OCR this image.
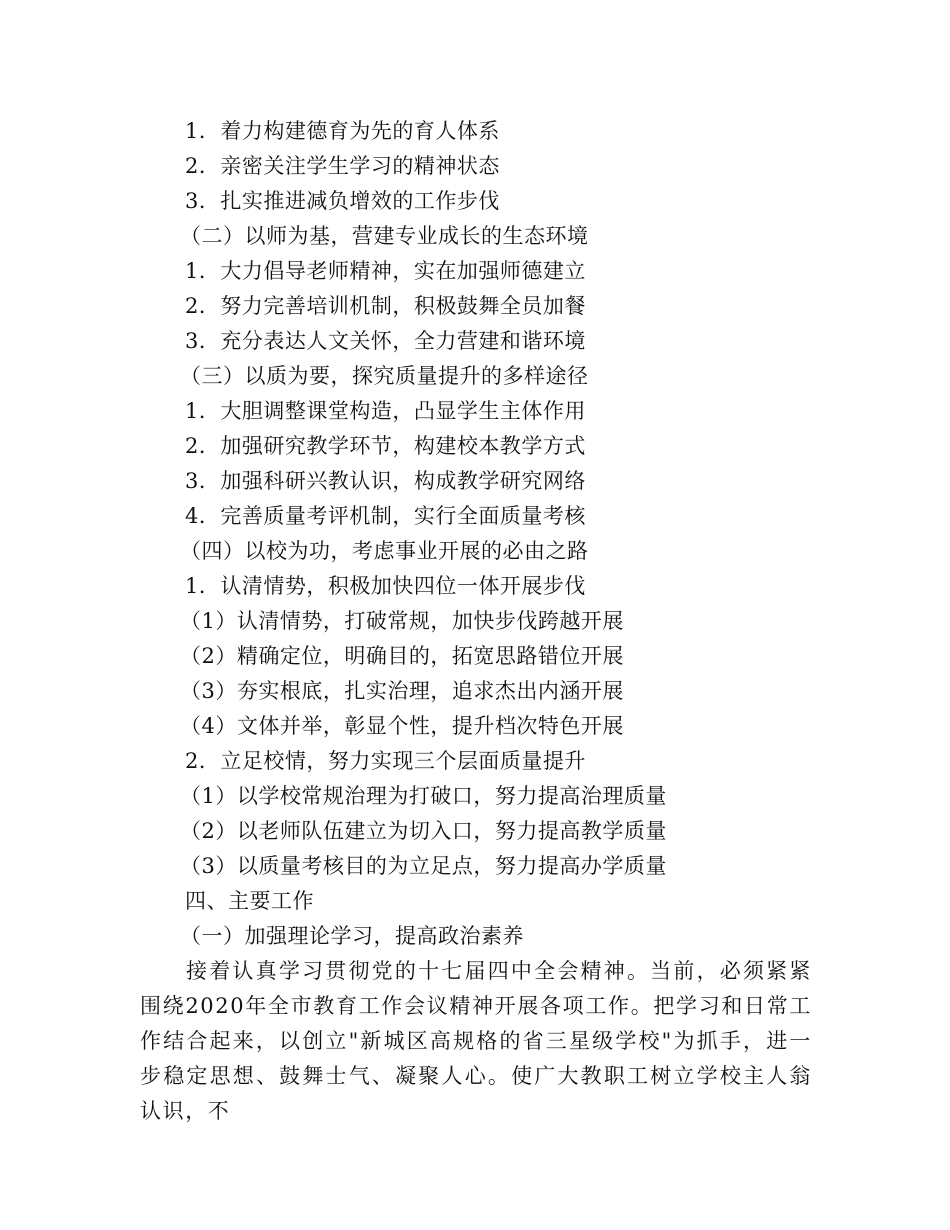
1．着力构建德育为先的育人体系
2．亲密关注学生学习的精神状态
3．扎实推进减负增效的工作步伐
（二）以师为基，营建专业成长的生态环境
1．大力倡导老师精神，实在加强师德建立
2．努力完善培训机制，积极鼓舞全员加餐
3．充分表达人文关怀，全力营建和谐环境
（三）以质为要，探究质量提升的多样途径
1．大胆调整课堂构造，凸显学生主体作用
2．加强研究教学环节，构建校本教学方式
3．加强科研兴教认识，构成教学研究网络
4．完善质量考评机制，实行全面质量考核
（四）以校为功，考虑事业开展的必由之路
1．认清情势，积极加快四位一体开展步伐
（1）认清情势，打破常规，加快步伐跨越开展
（2）精确定位，明确目的，拓宽思路错位开展
（3）夯实根底，扎实治理，追求杰出内涵开展
（4）文体并举，彰显个性，提升档次特色开展
2．立足校情，努力实现三个层面质量提升
（1）以学校常规治理为打破口，努力提高治理质量
（2）以老师队伍建立为切入口，努力提高教学质量
（3）以质量考核目的为立足点，努力提高办学质量
四、主要工作
（一）加强理论学习，提高政治素养
接着认真学习贯彻党的十七届四中全会精神。当前，必须紧紧围绕2020年全市教育工作会议精神开展各项工作。把学习和日常工作结合起来，以创立"新城区高规格的省三星级学校"为抓手，进一步稳定思想、鼓舞士气、凝聚人心。使广大教职工树立学校主人翁认识，不
